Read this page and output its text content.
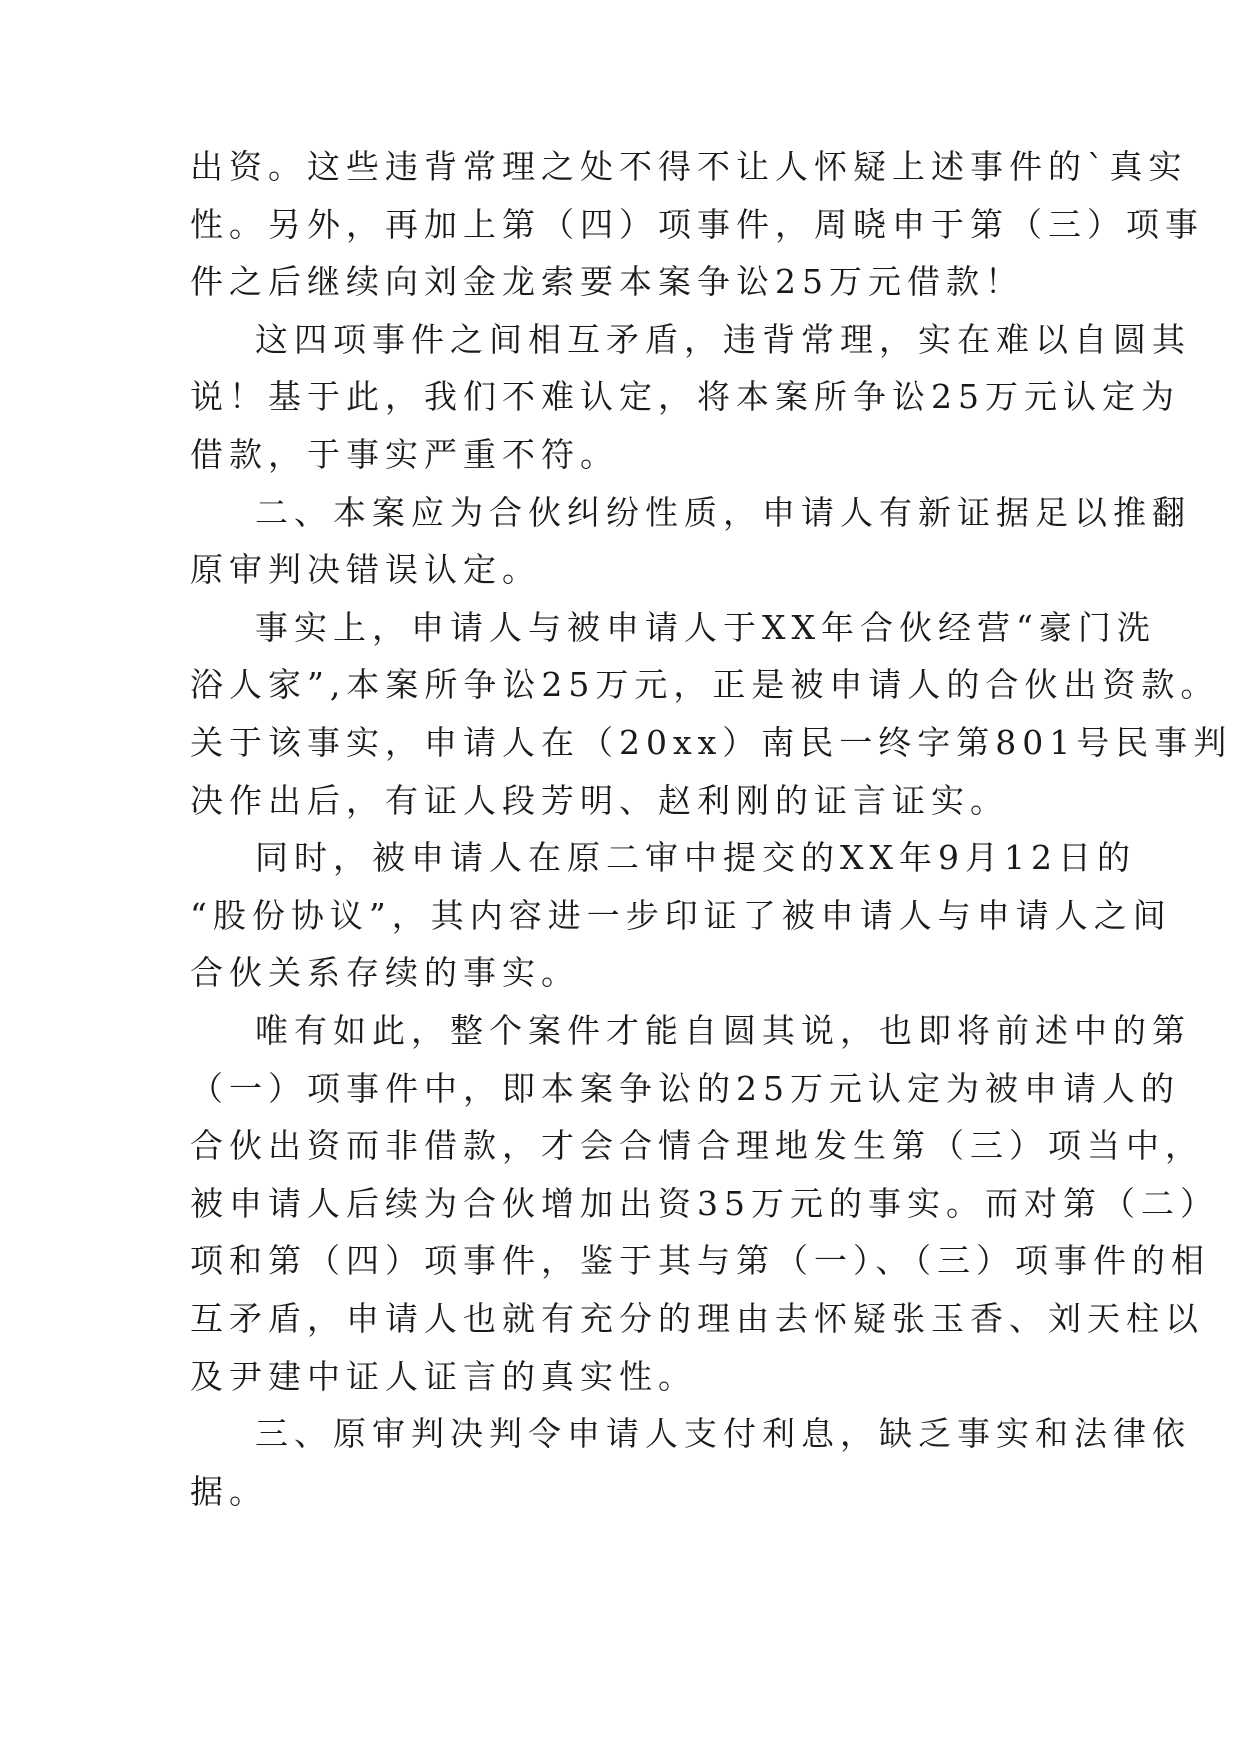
出资。这些违背常理之处不得不让人怀疑上述事件的`真实
性。另外，再加上第（四）项事件，周晓申于第（三）项事
件之后继续向刘金龙索要本案争讼25万元借款！
这四项事件之间相互矛盾，违背常理，实在难以自圆其
说！基于此，我们不难认定，将本案所争讼25万元认定为
借款，于事实严重不符。
二、本案应为合伙纠纷性质，申请人有新证据足以推翻
原审判决错误认定。
事实上，申请人与被申请人于XX年合伙经营“豪门洗
浴人家”,本案所争讼25万元，正是被申请人的合伙出资款。
关于该事实，申请人在（20xx）南民一终字第801号民事判
决作出后，有证人段芳明、赵利刚的证言证实。
同时，被申请人在原二审中提交的XX年9月12日的
“股份协议”，其内容进一步印证了被申请人与申请人之间
合伙关系存续的事实。
唯有如此，整个案件才能自圆其说，也即将前述中的第
（一）项事件中，即本案争讼的25万元认定为被申请人的
合伙出资而非借款，才会合情合理地发生第（三）项当中，
被申请人后续为合伙增加出资35万元的事实。而对第（二）
项和第（四）项事件，鉴于其与第（一）、（三）项事件的相
互矛盾，申请人也就有充分的理由去怀疑张玉香、刘天柱以
及尹建中证人证言的真实性。
三、原审判决判令申请人支付利息，缺乏事实和法律依
据。
